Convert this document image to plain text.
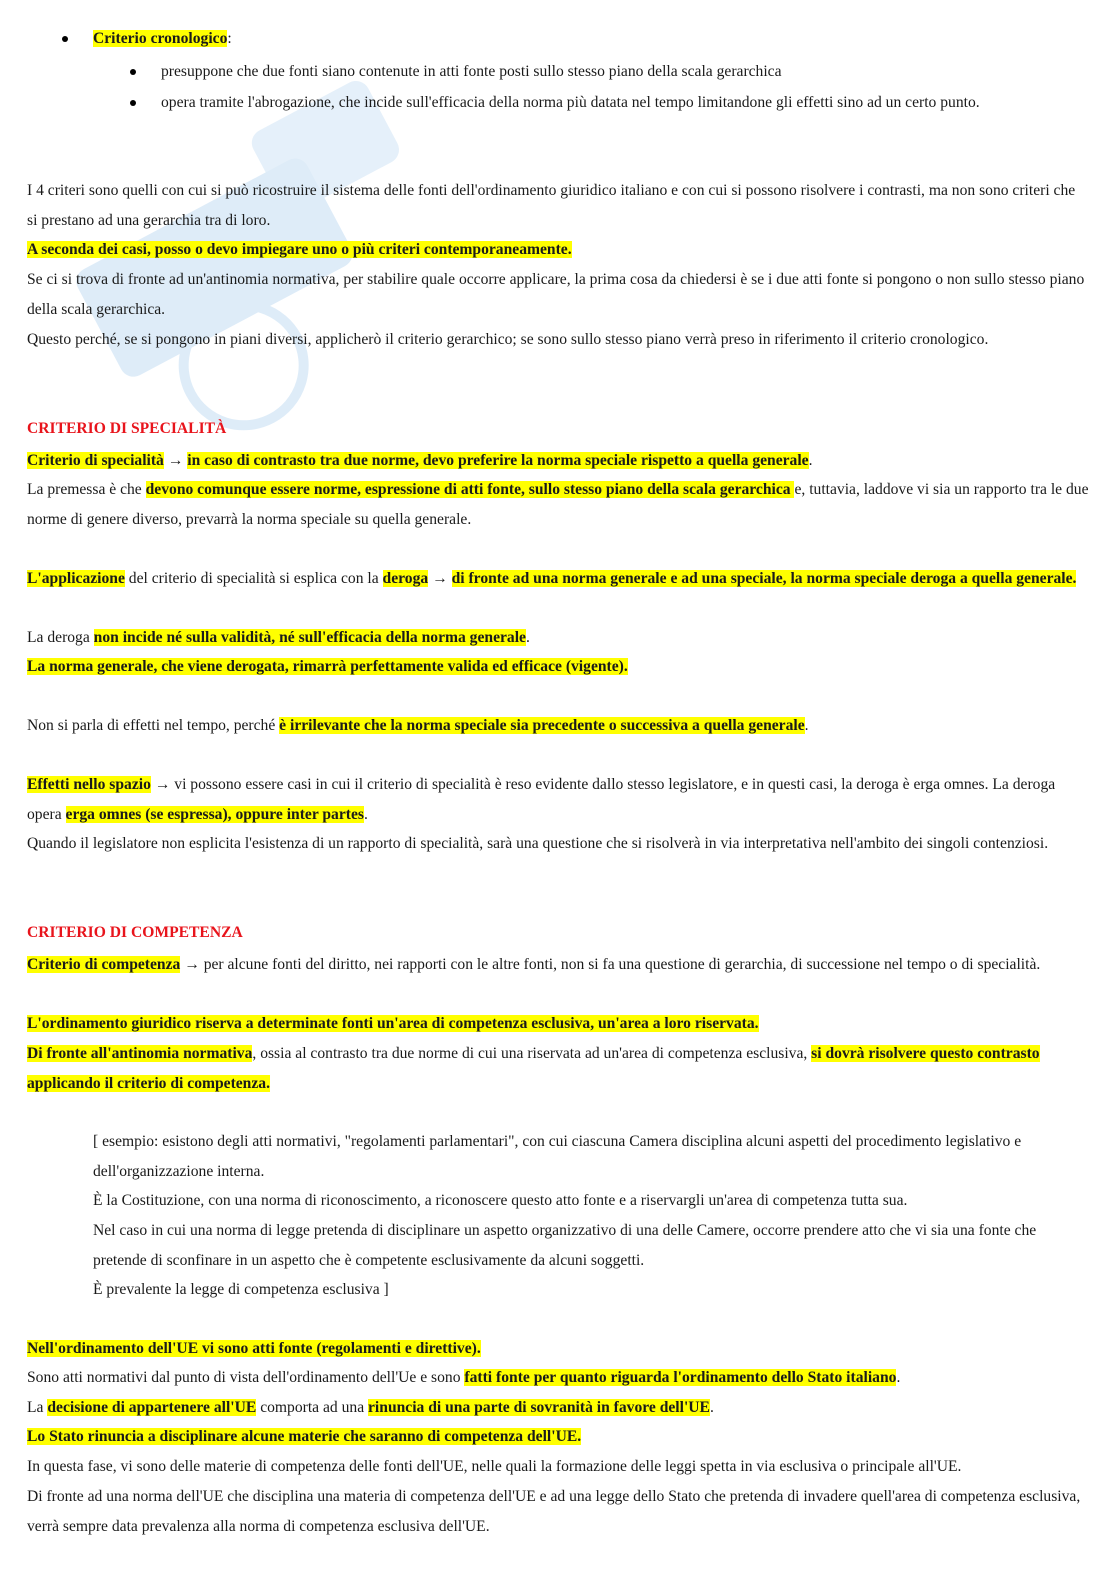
Criterio cronologico:

presuppone che due fonti siano contenute in atti fonte posti sullo stesso piano della scala gerarchica

opera tramite l'abrogazione, che incide sull'efficacia della norma più datata nel tempo limitandone gli effetti sino ad un certo punto.

I 4 criteri sono quelli con cui si può ricostruire il sistema delle fonti dell'ordinamento giuridico italiano e con cui si possono risolvere i contrasti, ma non sono criteri che si prestano ad una gerarchia tra di loro.

A seconda dei casi, posso o devo impiegare uno o più criteri contemporaneamente.

Se ci si trova di fronte ad un'antinomia normativa, per stabilire quale occorre applicare, la prima cosa da chiedersi è se i due atti fonte si pongono o non sullo stesso piano della scala gerarchica.

Questo perché, se si pongono in piani diversi, applicherò il criterio gerarchico; se sono sullo stesso piano verrà preso in riferimento il criterio cronologico.

CRITERIO DI SPECIALITÀ

Criterio di specialità → in caso di contrasto tra due norme, devo preferire la norma speciale rispetto a quella generale.

La premessa è che devono comunque essere norme, espressione di atti fonte, sullo stesso piano della scala gerarchica e, tuttavia, laddove vi sia un rapporto tra le due norme di genere diverso, prevarrà la norma speciale su quella generale.

L'applicazione del criterio di specialità si esplica con la deroga → di fronte ad una norma generale e ad una speciale, la norma speciale deroga a quella generale.

La deroga non incide né sulla validità, né sull'efficacia della norma generale.

La norma generale, che viene derogata, rimarrà perfettamente valida ed efficace (vigente).

Non si parla di effetti nel tempo, perché è irrilevante che la norma speciale sia precedente o successiva a quella generale.

Effetti nello spazio → vi possono essere casi in cui il criterio di specialità è reso evidente dallo stesso legislatore, e in questi casi, la deroga è erga omnes. La deroga opera erga omnes (se espressa), oppure inter partes.

Quando il legislatore non esplicita l'esistenza di un rapporto di specialità, sarà una questione che si risolverà in via interpretativa nell'ambito dei singoli contenziosi.

CRITERIO DI COMPETENZA

Criterio di competenza → per alcune fonti del diritto, nei rapporti con le altre fonti, non si fa una questione di gerarchia, di successione nel tempo o di specialità.

L'ordinamento giuridico riserva a determinate fonti un'area di competenza esclusiva, un'area a loro riservata.

Di fronte all'antinomia normativa, ossia al contrasto tra due norme di cui una riservata ad un'area di competenza esclusiva, si dovrà risolvere questo contrasto applicando il criterio di competenza.

[ esempio: esistono degli atti normativi, "regolamenti parlamentari", con cui ciascuna Camera disciplina alcuni aspetti del procedimento legislativo e dell'organizzazione interna.

È la Costituzione, con una norma di riconoscimento, a riconoscere questo atto fonte e a riservargli un'area di competenza tutta sua.

Nel caso in cui una norma di legge pretenda di disciplinare un aspetto organizzativo di una delle Camere, occorre prendere atto che vi sia una fonte che pretende di sconfinare in un aspetto che è competente esclusivamente da alcuni soggetti.

È prevalente la legge di competenza esclusiva ]

Nell'ordinamento dell'UE vi sono atti fonte (regolamenti e direttive).

Sono atti normativi dal punto di vista dell'ordinamento dell'Ue e sono fatti fonte per quanto riguarda l'ordinamento dello Stato italiano.

La decisione di appartenere all'UE comporta ad una rinuncia di una parte di sovranità in favore dell'UE.

Lo Stato rinuncia a disciplinare alcune materie che saranno di competenza dell'UE.

In questa fase, vi sono delle materie di competenza delle fonti dell'UE, nelle quali la formazione delle leggi spetta in via esclusiva o principale all'UE.

Di fronte ad una norma dell'UE che disciplina una materia di competenza dell'UE e ad una legge dello Stato che pretenda di invadere quell'area di competenza esclusiva, verrà sempre data prevalenza alla norma di competenza esclusiva dell'UE.
